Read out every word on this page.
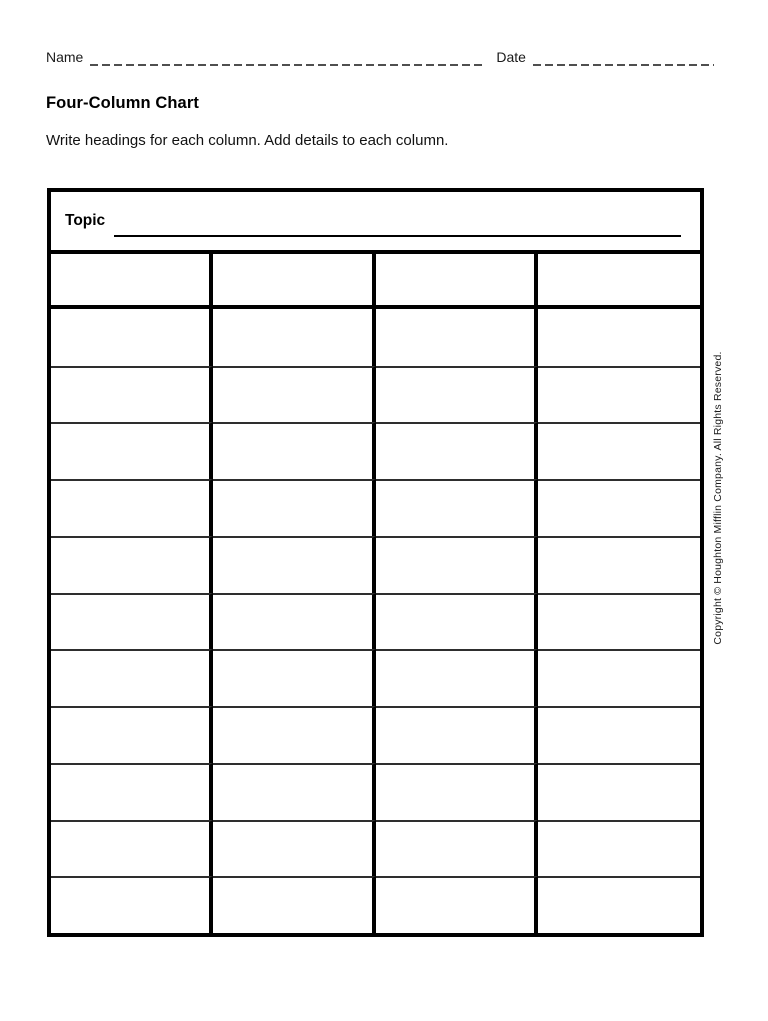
Name	Date
Four-Column Chart

Write headings for each column. Add details to each column.

Topic
Copyright © Houghton Mifflin Company. All Rights Reserved.
